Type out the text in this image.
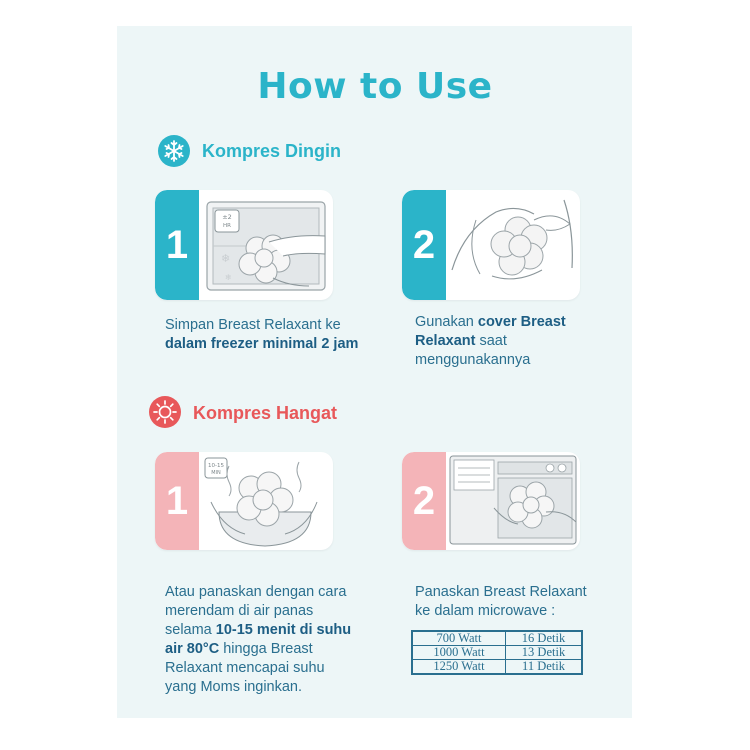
How to Use
Kompres Dingin
1
±2
HR
❄
❄
Simpan Breast Relaxant ke
dalam freezer minimal 2 jam
2
Gunakan cover Breast
Relaxant saat
menggunakannya
Kompres Hangat
1
10-15
MIN
Atau panaskan dengan cara
merendam di air panas
selama 10-15 menit di suhu
air 80°C hingga Breast
Relaxant mencapai suhu
yang Moms inginkan.
2
Panaskan Breast Relaxant
ke dalam microwave :
700 Watt	16 Detik
1000 Watt	13 Detik
1250 Watt	11 Detik
